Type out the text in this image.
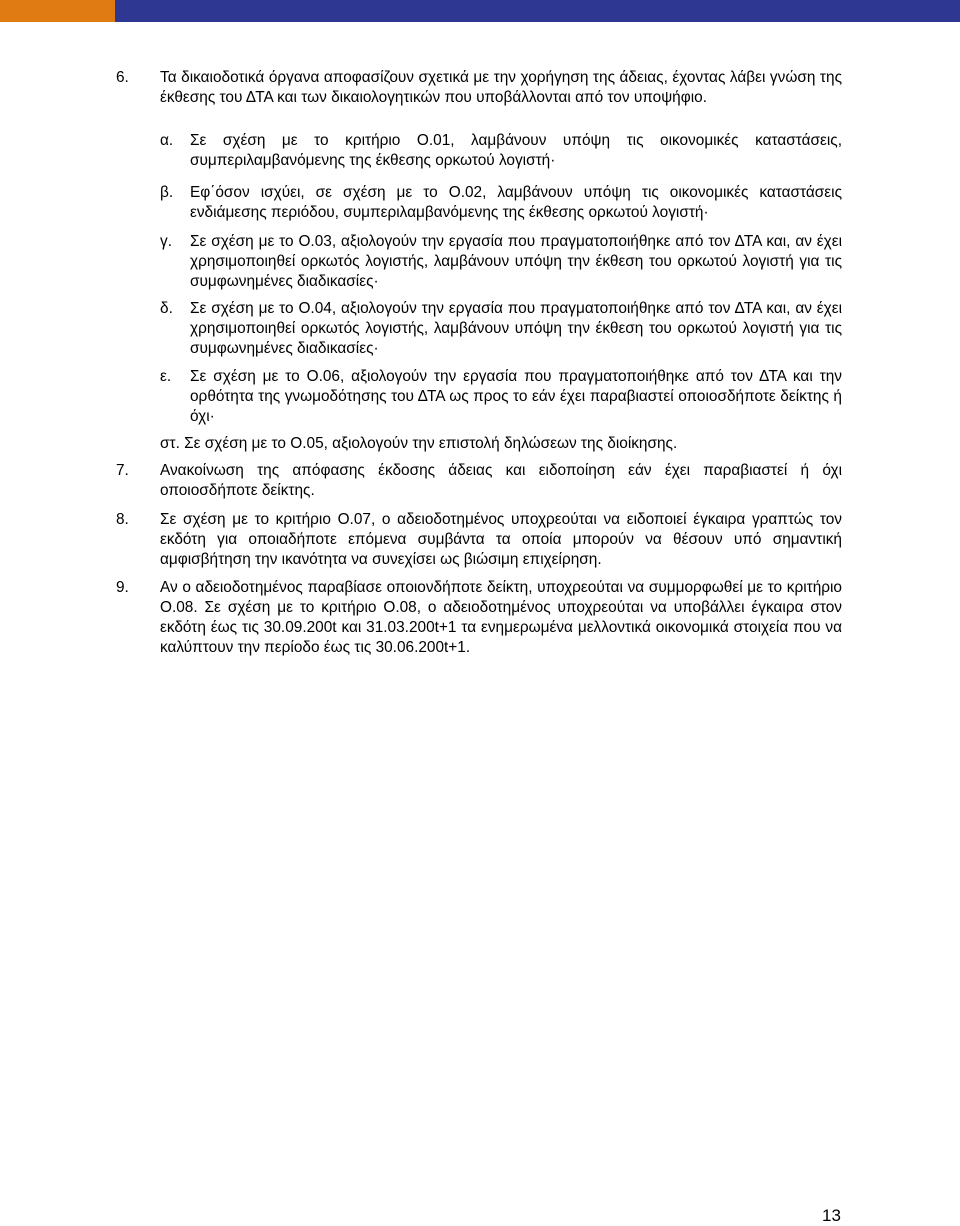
6. Τα δικαιοδοτικά όργανα αποφασίζουν σχετικά με την χορήγηση της άδειας, έχοντας λάβει γνώση της έκθεσης του ΔΤΑ και των δικαιολογητικών που υποβάλλονται από τον υποψήφιο.
α. Σε σχέση με το κριτήριο Ο.01, λαμβάνουν υπόψη τις οικονομικές καταστάσεις, συμπεριλαμβανόμενης της έκθεσης ορκωτού λογιστή·
β. Εφ΄όσον ισχύει, σε σχέση με το Ο.02, λαμβάνουν υπόψη τις οικονομικές καταστάσεις ενδιάμεσης περιόδου, συμπεριλαμβανόμενης της έκθεσης ορκωτού λογιστή·
γ. Σε σχέση με το Ο.03, αξιολογούν την εργασία που πραγματοποιήθηκε από τον ΔΤΑ και, αν έχει χρησιμοποιηθεί ορκωτός λογιστής, λαμβάνουν υπόψη την έκθεση του ορκωτού λογιστή για τις συμφωνημένες διαδικασίες·
δ. Σε σχέση με το Ο.04, αξιολογούν την εργασία που πραγματοποιήθηκε από τον ΔΤΑ και, αν έχει χρησιμοποιηθεί ορκωτός λογιστής, λαμβάνουν υπόψη την έκθεση του ορκωτού λογιστή για τις συμφωνημένες διαδικασίες·
ε. Σε σχέση με το Ο.06, αξιολογούν την εργασία που πραγματοποιήθηκε από τον ΔΤΑ και την ορθότητα της γνωμοδότησης του ΔΤΑ ως προς το εάν έχει παραβιαστεί οποιοσδήποτε δείκτης ή όχι·
στ. Σε σχέση με το Ο.05, αξιολογούν την επιστολή δηλώσεων της διοίκησης.
7. Ανακοίνωση της απόφασης έκδοσης άδειας και ειδοποίηση εάν έχει παραβιαστεί ή όχι οποιοσδήποτε δείκτης.
8. Σε σχέση με το κριτήριο Ο.07, ο αδειοδοτημένος υποχρεούται να ειδοποιεί έγκαιρα γραπτώς τον εκδότη για οποιαδήποτε επόμενα συμβάντα τα οποία μπορούν να θέσουν υπό σημαντική αμφισβήτηση την ικανότητα να συνεχίσει ως βιώσιμη επιχείρηση.
9. Αν ο αδειοδοτημένος παραβίασε οποιονδήποτε δείκτη, υποχρεούται να συμμορφωθεί με το κριτήριο Ο.08. Σε σχέση με το κριτήριο Ο.08, ο αδειοδοτημένος υποχρεούται να υποβάλλει έγκαιρα στον εκδότη έως τις 30.09.200t και 31.03.200t+1 τα ενημερωμένα μελλοντικά οικονομικά στοιχεία που να καλύπτουν την περίοδο έως τις 30.06.200t+1.
13
